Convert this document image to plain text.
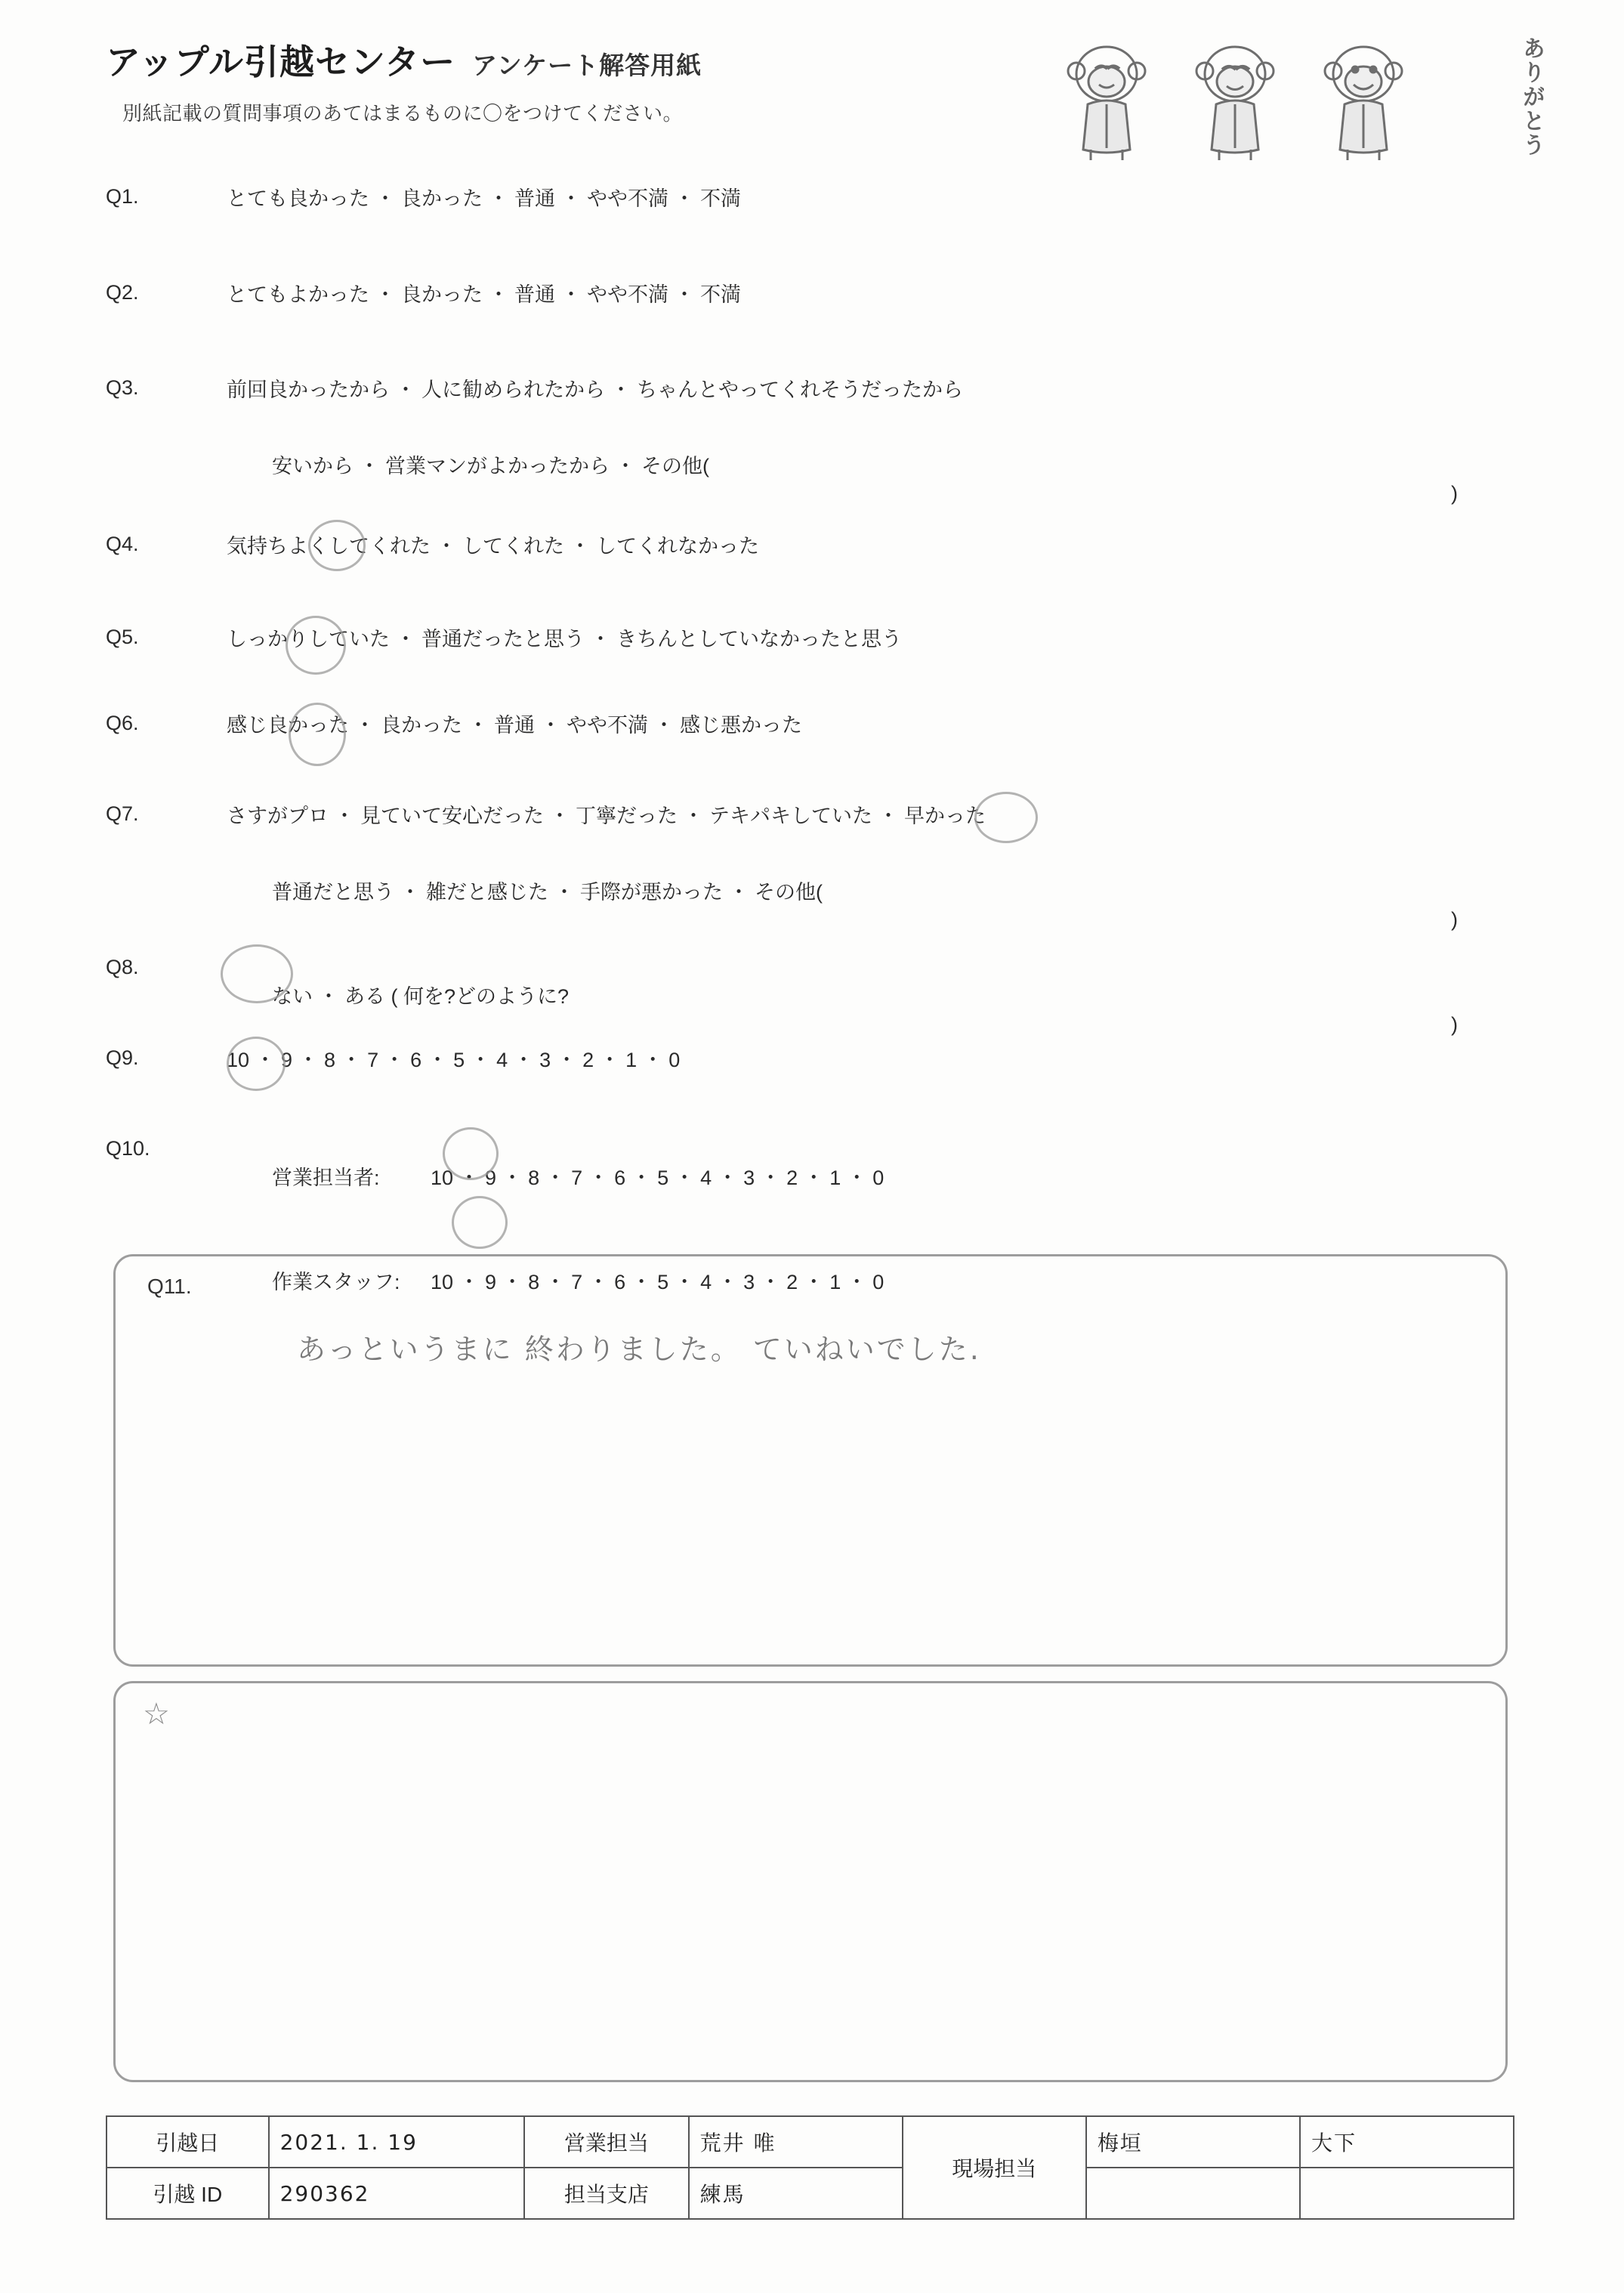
アップル引越センター アンケート解答用紙
別紙記載の質問事項のあてはまるものに〇をつけてください。	ありがとう
Q1.	とても良かった ・ 良かった ・ 普通 ・ やや不満 ・ 不満
Q2.	とてもよかった ・ 良かった ・ 普通 ・ やや不満 ・ 不満
Q3.	前回良かったから ・ 人に勧められたから ・ ちゃんとやってくれそうだったから

安いから ・ 営業マンがよかったから ・ その他(

)

Q4.	気持ちよくしてくれた ・ してくれた ・ してくれなかった
Q5.	しっかりしていた ・ 普通だったと思う ・ きちんとしていなかったと思う
Q6.	感じ良かった ・ 良かった ・ 普通 ・ やや不満 ・ 感じ悪かった
Q7.	さすがプロ ・ 見ていて安心だった ・ 丁寧だった ・ テキパキしていた ・ 早かった

普通だと思う ・ 雑だと感じた ・ 手際が悪かった ・ その他(

)

Q8.

ない ・ ある ( 何を?どのように?

)

Q9.	10 ・ 9 ・ 8 ・ 7 ・ 6 ・ 5 ・ 4 ・ 3 ・ 2 ・ 1 ・ 0
Q10.

営業担当者: 10 ・ 9 ・ 8 ・ 7 ・ 6 ・ 5 ・ 4 ・ 3 ・ 2 ・ 1 ・ 0

作業スタッフ: 10 ・ 9 ・ 8 ・ 7 ・ 6 ・ 5 ・ 4 ・ 3 ・ 2 ・ 1 ・ 0

Q11.
あっというまに 終わりました。 ていねいでした.
☆
引越日	2021. 1. 19	営業担当	荒井 唯	現場担当	梅垣	大下
引越 ID	290362	担当支店	練馬			
